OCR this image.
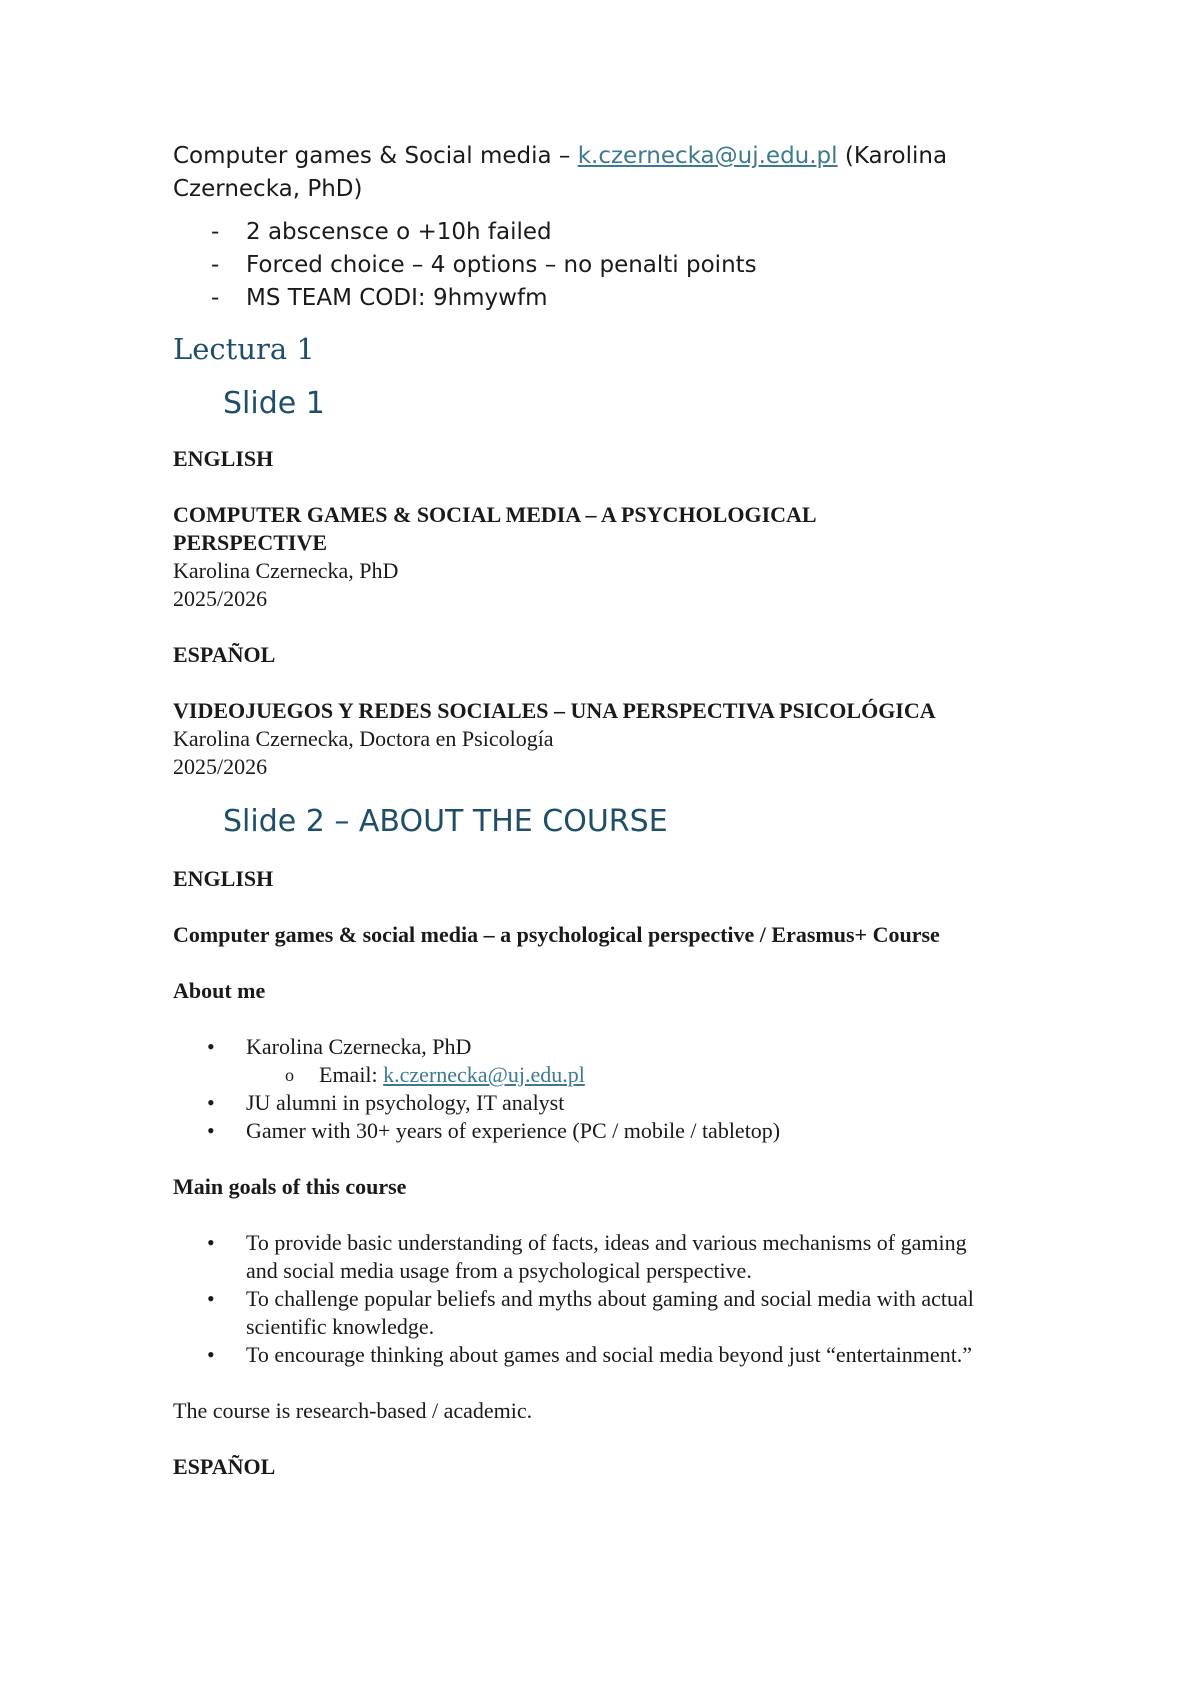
Computer games & Social media – k.czernecka@uj.edu.pl (Karolina Czernecka, PhD)

- 2 abscensce o +10h failed
- Forced choice – 4 options – no penalti points
- MS TEAM CODI: 9hmywfm
Lectura 1
Slide 1

ENGLISH

COMPUTER GAMES & SOCIAL MEDIA – A PSYCHOLOGICAL PERSPECTIVE

Karolina Czernecka, PhD

2025/2026

ESPAÑOL

VIDEOJUEGOS Y REDES SOCIALES – UNA PERSPECTIVA PSICOLÓGICA

Karolina Czernecka, Doctora en Psicología

2025/2026

Slide 2 – ABOUT THE COURSE

ENGLISH

Computer games & social media – a psychological perspective / Erasmus+ Course

About me

• Karolina Czernecka, PhD
o Email: k.czernecka@uj.edu.pl
• JU alumni in psychology, IT analyst
• Gamer with 30+ years of experience (PC / mobile / tabletop)

Main goals of this course

• To provide basic understanding of facts, ideas and various mechanisms of gaming and social media usage from a psychological perspective.
• To challenge popular beliefs and myths about gaming and social media with actual scientific knowledge.
• To encourage thinking about games and social media beyond just “entertainment.”

The course is research-based / academic.

ESPAÑOL
